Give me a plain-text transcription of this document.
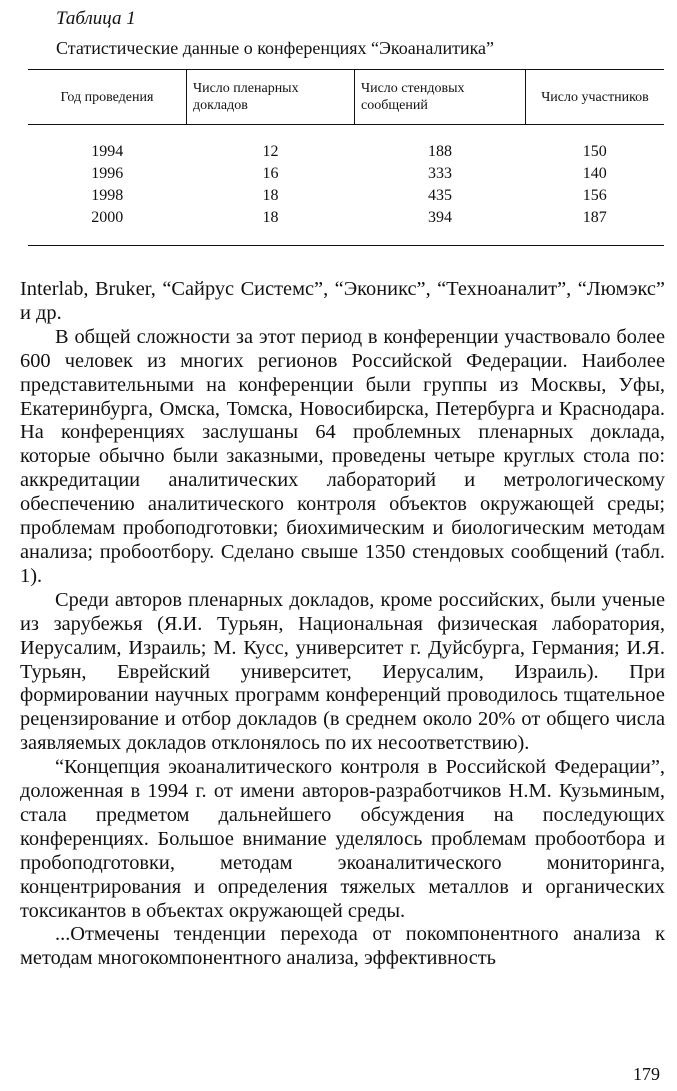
Таблица 1
Статистические данные о конференциях “Экоаналитика”
Год проведения	Число пленарных докладов	Число стендовых сообщений	Число участников
1994	12	188	150
1996	16	333	140
1998	18	435	156
2000	18	394	187

Interlab, Bruker, “Сайрус Системс”, “Эконикс”, “Техноаналит”, “Люмэкс” и др.

В общей сложности за этот период в конференции участвовало более 600 человек из многих регионов Российской Федерации. Наиболее представительными на конференции были группы из Москвы, Уфы, Екатеринбурга, Омска, Томска, Новосибирска, Петербурга и Краснодара. На конференциях заслушаны 64 проблемных пленарных доклада, которые обычно были заказными, проведены четыре круглых стола по: аккредитации аналитических лабораторий и метрологическому обеспечению аналитического контроля объектов окружающей среды; проблемам пробоподготовки; биохимическим и биологическим методам анализа; пробоотбору. Сделано свыше 1350 стендовых сообщений (табл. 1).

Среди авторов пленарных докладов, кроме российских, были ученые из зарубежья (Я.И. Турьян, Национальная физическая лаборатория, Иерусалим, Израиль; М. Кусс, университет г. Дуйсбурга, Германия; И.Я. Турьян, Еврейский университет, Иерусалим, Израиль). При формировании научных программ конференций проводилось тщательное рецензирование и отбор докладов (в среднем около 20% от общего числа заявляемых докладов отклонялось по их несоответствию).

“Концепция экоаналитического контроля в Российской Федерации”, доложенная в 1994 г. от имени авторов-разработчиков Н.М. Кузьминым, стала предметом дальнейшего обсуждения на последующих конференциях. Большое внимание уделялось проблемам пробоотбора и пробоподготовки, методам экоаналитического мониторинга, концентрирования и определения тяжелых металлов и органических токсикантов в объектах окружающей среды.

...Отмечены тенденции перехода от покомпонентного анализа к методам многокомпонентного анализа, эффективность

179
